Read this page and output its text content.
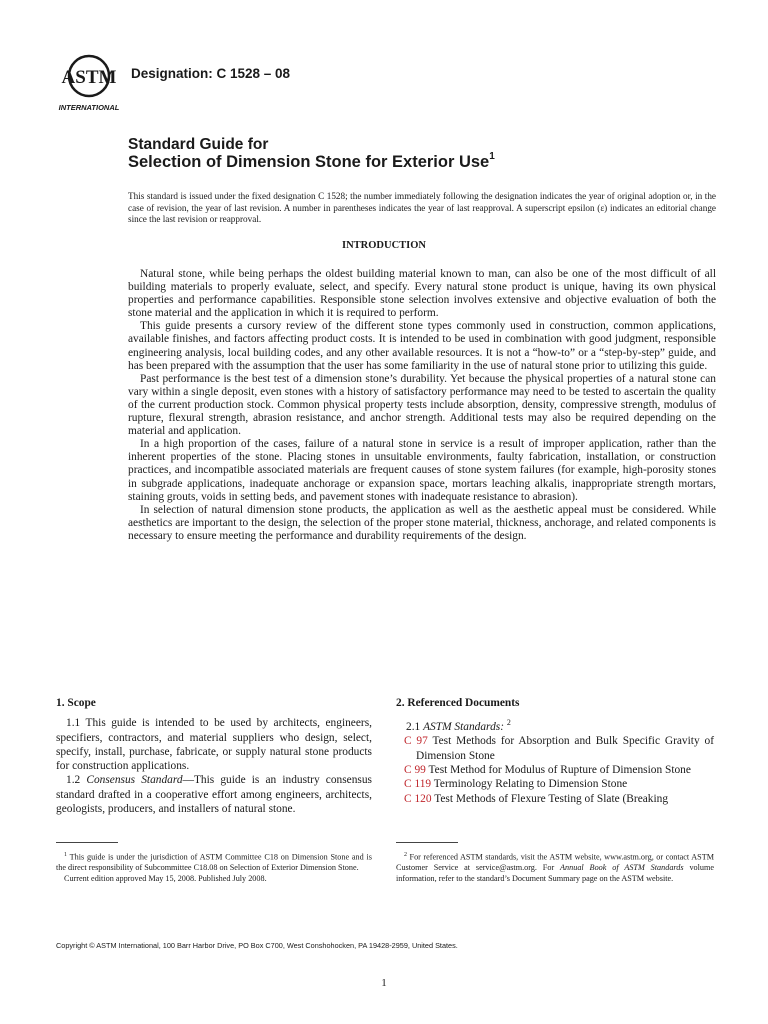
ASTM
INTERNATIONAL
Designation: C 1528 – 08
Standard Guide for
Selection of Dimension Stone for Exterior Use$^1$
This standard is issued under the fixed designation C 1528; the number immediately following the designation indicates the year of original adoption or, in the case of revision, the year of last revision. A number in parentheses indicates the year of last reapproval. A superscript epsilon (ε) indicates an editorial change since the last revision or reapproval.
INTRODUCTION

Natural stone, while being perhaps the oldest building material known to man, can also be one of the most difficult of all building materials to properly evaluate, select, and specify. Every natural stone product is unique, having its own physical properties and performance capabilities. Responsible stone selection involves extensive and objective evaluation of both the stone material and the application in which it is required to perform.

This guide presents a cursory review of the different stone types commonly used in construction, common applications, available finishes, and factors affecting product costs. It is intended to be used in combination with good judgment, responsible engineering analysis, local building codes, and any other available resources. It is not a “how-to” or a “step-by-step” guide, and has been prepared with the assumption that the user has some familiarity in the use of natural stone prior to utilizing this guide.

Past performance is the best test of a dimension stone’s durability. Yet because the physical properties of a natural stone can vary within a single deposit, even stones with a history of satisfactory performance may need to be tested to ascertain the quality of the current production stock. Common physical property tests include absorption, density, compressive strength, modulus of rupture, flexural strength, abrasion resistance, and anchor strength. Additional tests may also be required depending on the material and application.

In a high proportion of the cases, failure of a natural stone in service is a result of improper application, rather than the inherent properties of the stone. Placing stones in unsuitable environments, faulty fabrication, installation, or construction practices, and incompatible associated materials are frequent causes of stone system failures (for example, high-porosity stones in subgrade applications, inadequate anchorage or expansion space, mortars leaching alkalis, inappropriate strength mortars, staining grouts, voids in setting beds, and pavement stones with inadequate resistance to abrasion).

In selection of natural dimension stone products, the application as well as the aesthetic appeal must be considered. While aesthetics are important to the design, the selection of the proper stone material, thickness, anchorage, and related components is necessary to ensure meeting the performance and durability requirements of the design.

1. Scope

1.1 This guide is intended to be used by architects, engineers, specifiers, contractors, and material suppliers who design, select, specify, install, purchase, fabricate, or supply natural stone products for construction applications.

1.2 Consensus Standard—This guide is an industry consensus standard drafted in a cooperative effort among engineers, architects, geologists, producers, and installers of natural stone.

2. Referenced Documents

2.1 ASTM Standards: $^2$

C 97 Test Methods for Absorption and Bulk Specific Gravity of Dimension Stone

C 99 Test Method for Modulus of Rupture of Dimension Stone

C 119 Terminology Relating to Dimension Stone

C 120 Test Methods of Flexure Testing of Slate (Breaking

$^1$ This guide is under the jurisdiction of ASTM Committee C18 on Dimension Stone and is the direct responsibility of Subcommittee C18.08 on Selection of Exterior Dimension Stone.

Current edition approved May 15, 2008. Published July 2008.

$^2$ For referenced ASTM standards, visit the ASTM website, www.astm.org, or contact ASTM Customer Service at service@astm.org. For Annual Book of ASTM Standards volume information, refer to the standard’s Document Summary page on the ASTM website.

Copyright © ASTM International, 100 Barr Harbor Drive, PO Box C700, West Conshohocken, PA 19428-2959, United States.
1
